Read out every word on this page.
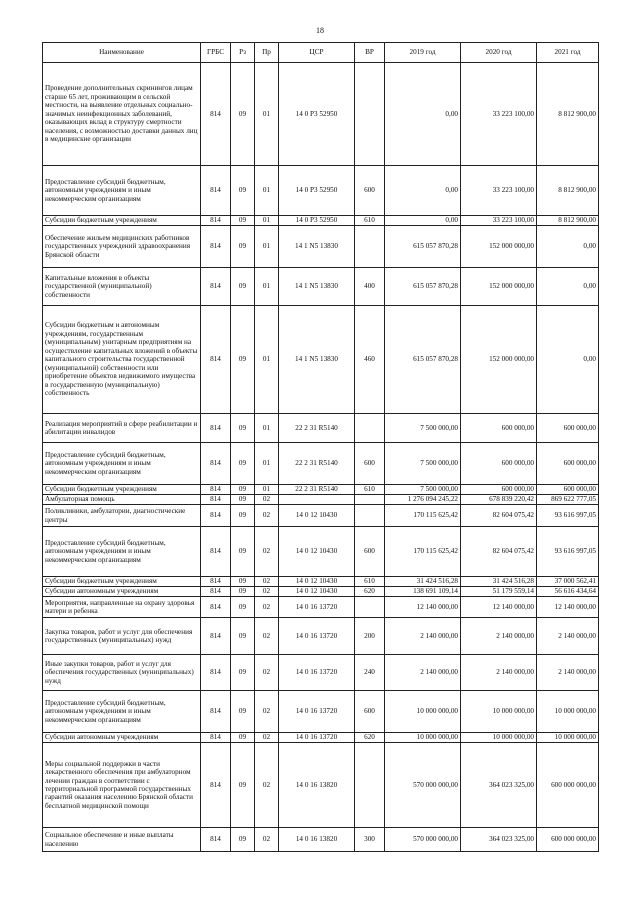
18
Наименование	ГРБС	Рз	Пр	ЦСР	ВР	2019 год	2020 год	2021 год
Проведение дополнительных скринингов лицам старше 65 лет, проживающим в сельской местности, на выявление отдельных социально-значимых неинфекционных заболеваний, оказывающих вклад в структуру смертности населения, с возможностью доставки данных лиц в медицинские организации	814	09	01	14 0 P3 52950		0,00	33 223 100,00	8 812 900,00
Предоставление субсидий бюджетным, автономным учреждениям и иным некоммерческим организациям	814	09	01	14 0 P3 52950	600	0,00	33 223 100,00	8 812 900,00
Субсидии бюджетным учреждениям	814	09	01	14 0 P3 52950	610	0,00	33 223 100,00	8 812 900,00
Обеспечение жильем медицинских работников государственных учреждений здравоохранения Брянской области	814	09	01	14 1 N5 13830		615 057 870,28	152 000 000,00	0,00
Капитальные вложения в объекты государственной (муниципальной) собственности	814	09	01	14 1 N5 13830	400	615 057 870,28	152 000 000,00	0,00
Субсидии бюджетным и автономным учреждениям, государственным (муниципальным) унитарным предприятиям на осуществление капитальных вложений в объекты капитального строительства государственной (муниципальной) собственности или приобретение объектов недвижимого имущества в государственную (муниципальную) собственность	814	09	01	14 1 N5 13830	460	615 057 870,28	152 000 000,00	0,00
Реализация мероприятий в сфере реабилитации и абилитации инвалидов	814	09	01	22 2 31 R5140		7 500 000,00	600 000,00	600 000,00
Предоставление субсидий бюджетным, автономным учреждениям и иным некоммерческим организациям	814	09	01	22 2 31 R5140	600	7 500 000,00	600 000,00	600 000,00
Субсидии бюджетным учреждениям	814	09	01	22 2 31 R5140	610	7 500 000,00	600 000,00	600 000,00
Амбулаторная помощь	814	09	02			1 276 094 245,22	678 839 220,42	869 622 777,05
Поликлиники, амбулатории, диагностические центры	814	09	02	14 0 12 10430		170 115 625,42	82 604 075,42	93 616 997,05
Предоставление субсидий бюджетным, автономным учреждениям и иным некоммерческим организациям	814	09	02	14 0 12 10430	600	170 115 625,42	82 604 075,42	93 616 997,05
Субсидии бюджетным учреждениям	814	09	02	14 0 12 10430	610	31 424 516,28	31 424 516,28	37 000 562,41
Субсидии автономным учреждениям	814	09	02	14 0 12 10430	620	138 691 109,14	51 179 559,14	56 616 434,64
Мероприятия, направленные на охрану здоровья матери и ребенка	814	09	02	14 0 16 13720		12 140 000,00	12 140 000,00	12 140 000,00
Закупка товаров, работ и услуг для обеспечения государственных (муниципальных) нужд	814	09	02	14 0 16 13720	200	2 140 000,00	2 140 000,00	2 140 000,00
Иные закупки товаров, работ и услуг для обеспечения государственных (муниципальных) нужд	814	09	02	14 0 16 13720	240	2 140 000,00	2 140 000,00	2 140 000,00
Предоставление субсидий бюджетным, автономным учреждениям и иным некоммерческим организациям	814	09	02	14 0 16 13720	600	10 000 000,00	10 000 000,00	10 000 000,00
Субсидии автономным учреждениям	814	09	02	14 0 16 13720	620	10 000 000,00	10 000 000,00	10 000 000,00
Меры социальной поддержки в части лекарственного обеспечения при амбулаторном лечении граждан в соответствии с территориальной программой государственных гарантий оказания населению Брянской области бесплатной медицинской помощи	814	09	02	14 0 16 13820		570 000 000,00	364 023 325,00	600 000 000,00
Социальное обеспечение и иные выплаты населению	814	09	02	14 0 16 13820	300	570 000 000,00	364 023 325,00	600 000 000,00
